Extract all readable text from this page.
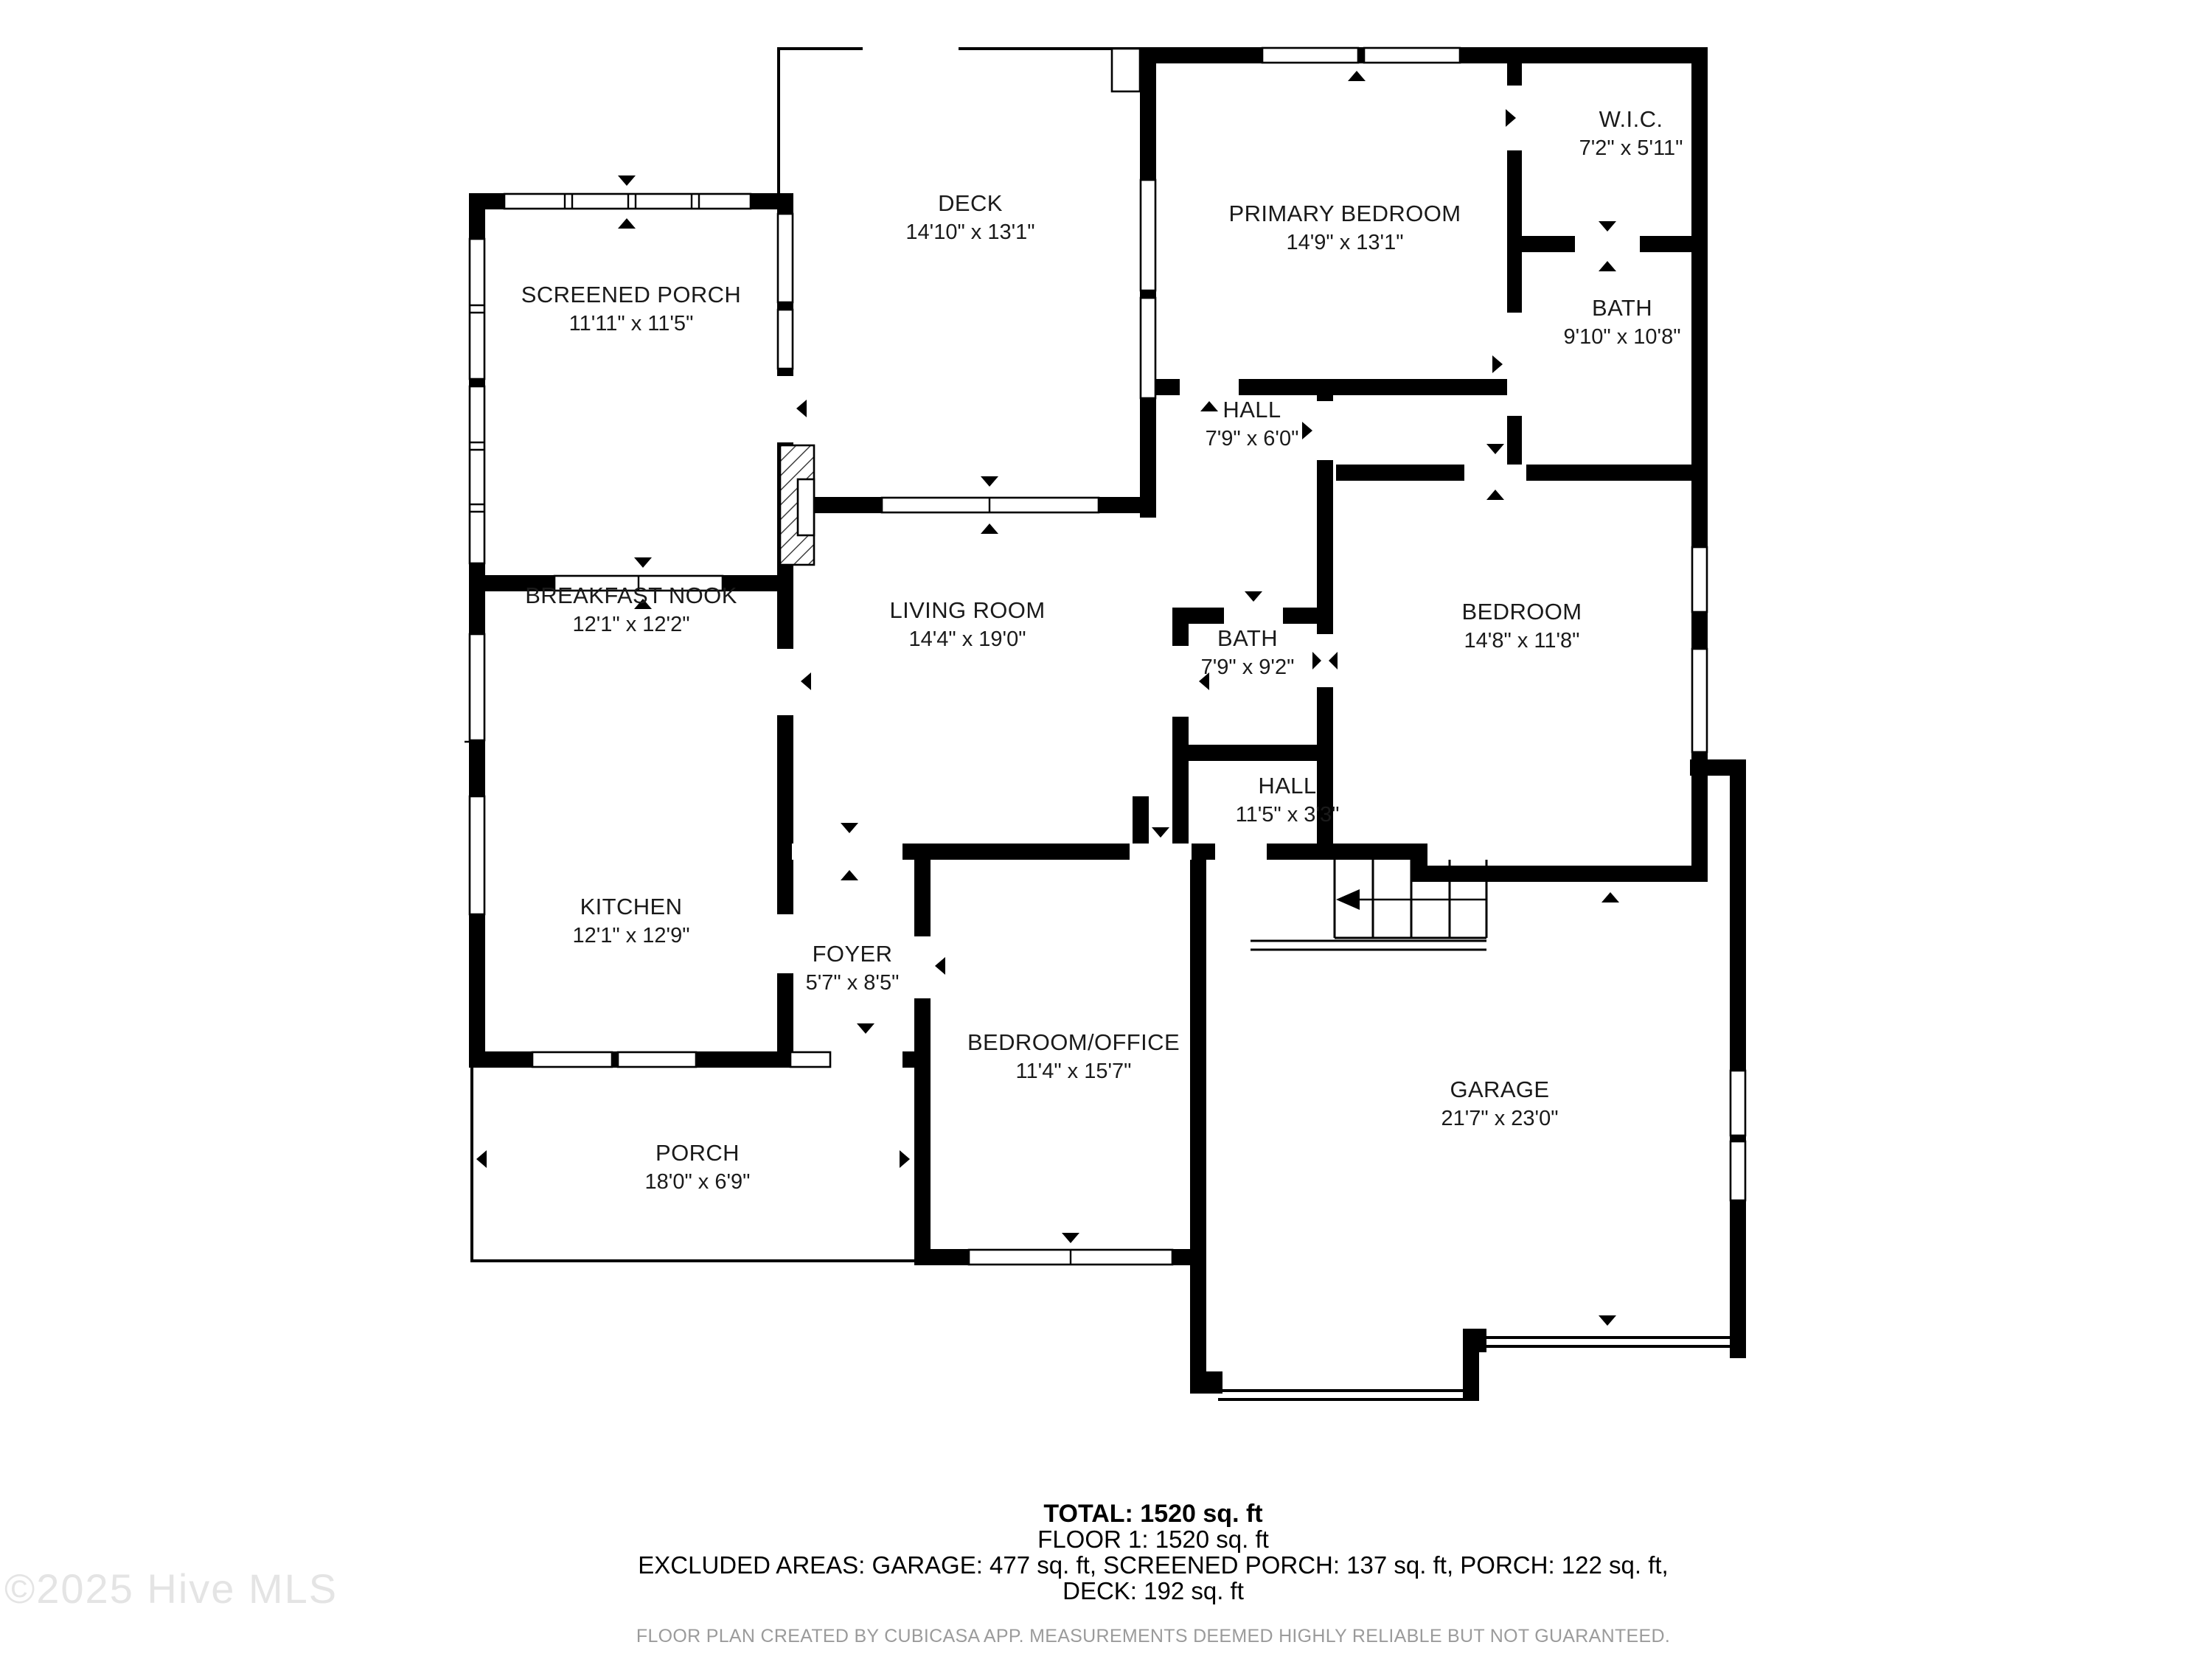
SCREENED PORCH
11'11" x 11'5"
DECK
14'10" x 13'1"
PRIMARY BEDROOM
14'9" x 13'1"
W.I.C.
7'2" x 5'11"
BATH
9'10" x 10'8"
HALL
7'9" x 6'0"
BREAKFAST NOOK
12'1" x 12'2"
LIVING ROOM
14'4" x 19'0"	BATH
7'9" x 9'2"
BEDROOM
14'8" x 11'8"
HALL
11'5" x 3'3"
KITCHEN
12'1" x 12'9"
FOYER
5'7" x 8'5"
BEDROOM/OFFICE
11'4" x 15'7"
GARAGE
21'7" x 23'0"
PORCH
18'0" x 6'9"
TOTAL: 1520 sq. ft
FLOOR 1: 1520 sq. ft
EXCLUDED AREAS: GARAGE: 477 sq. ft, SCREENED PORCH: 137 sq. ft, PORCH: 122 sq. ft,
DECK: 192 sq. ft
FLOOR PLAN CREATED BY CUBICASA APP. MEASUREMENTS DEEMED HIGHLY RELIABLE BUT NOT GUARANTEED.
©2025 Hive MLS
